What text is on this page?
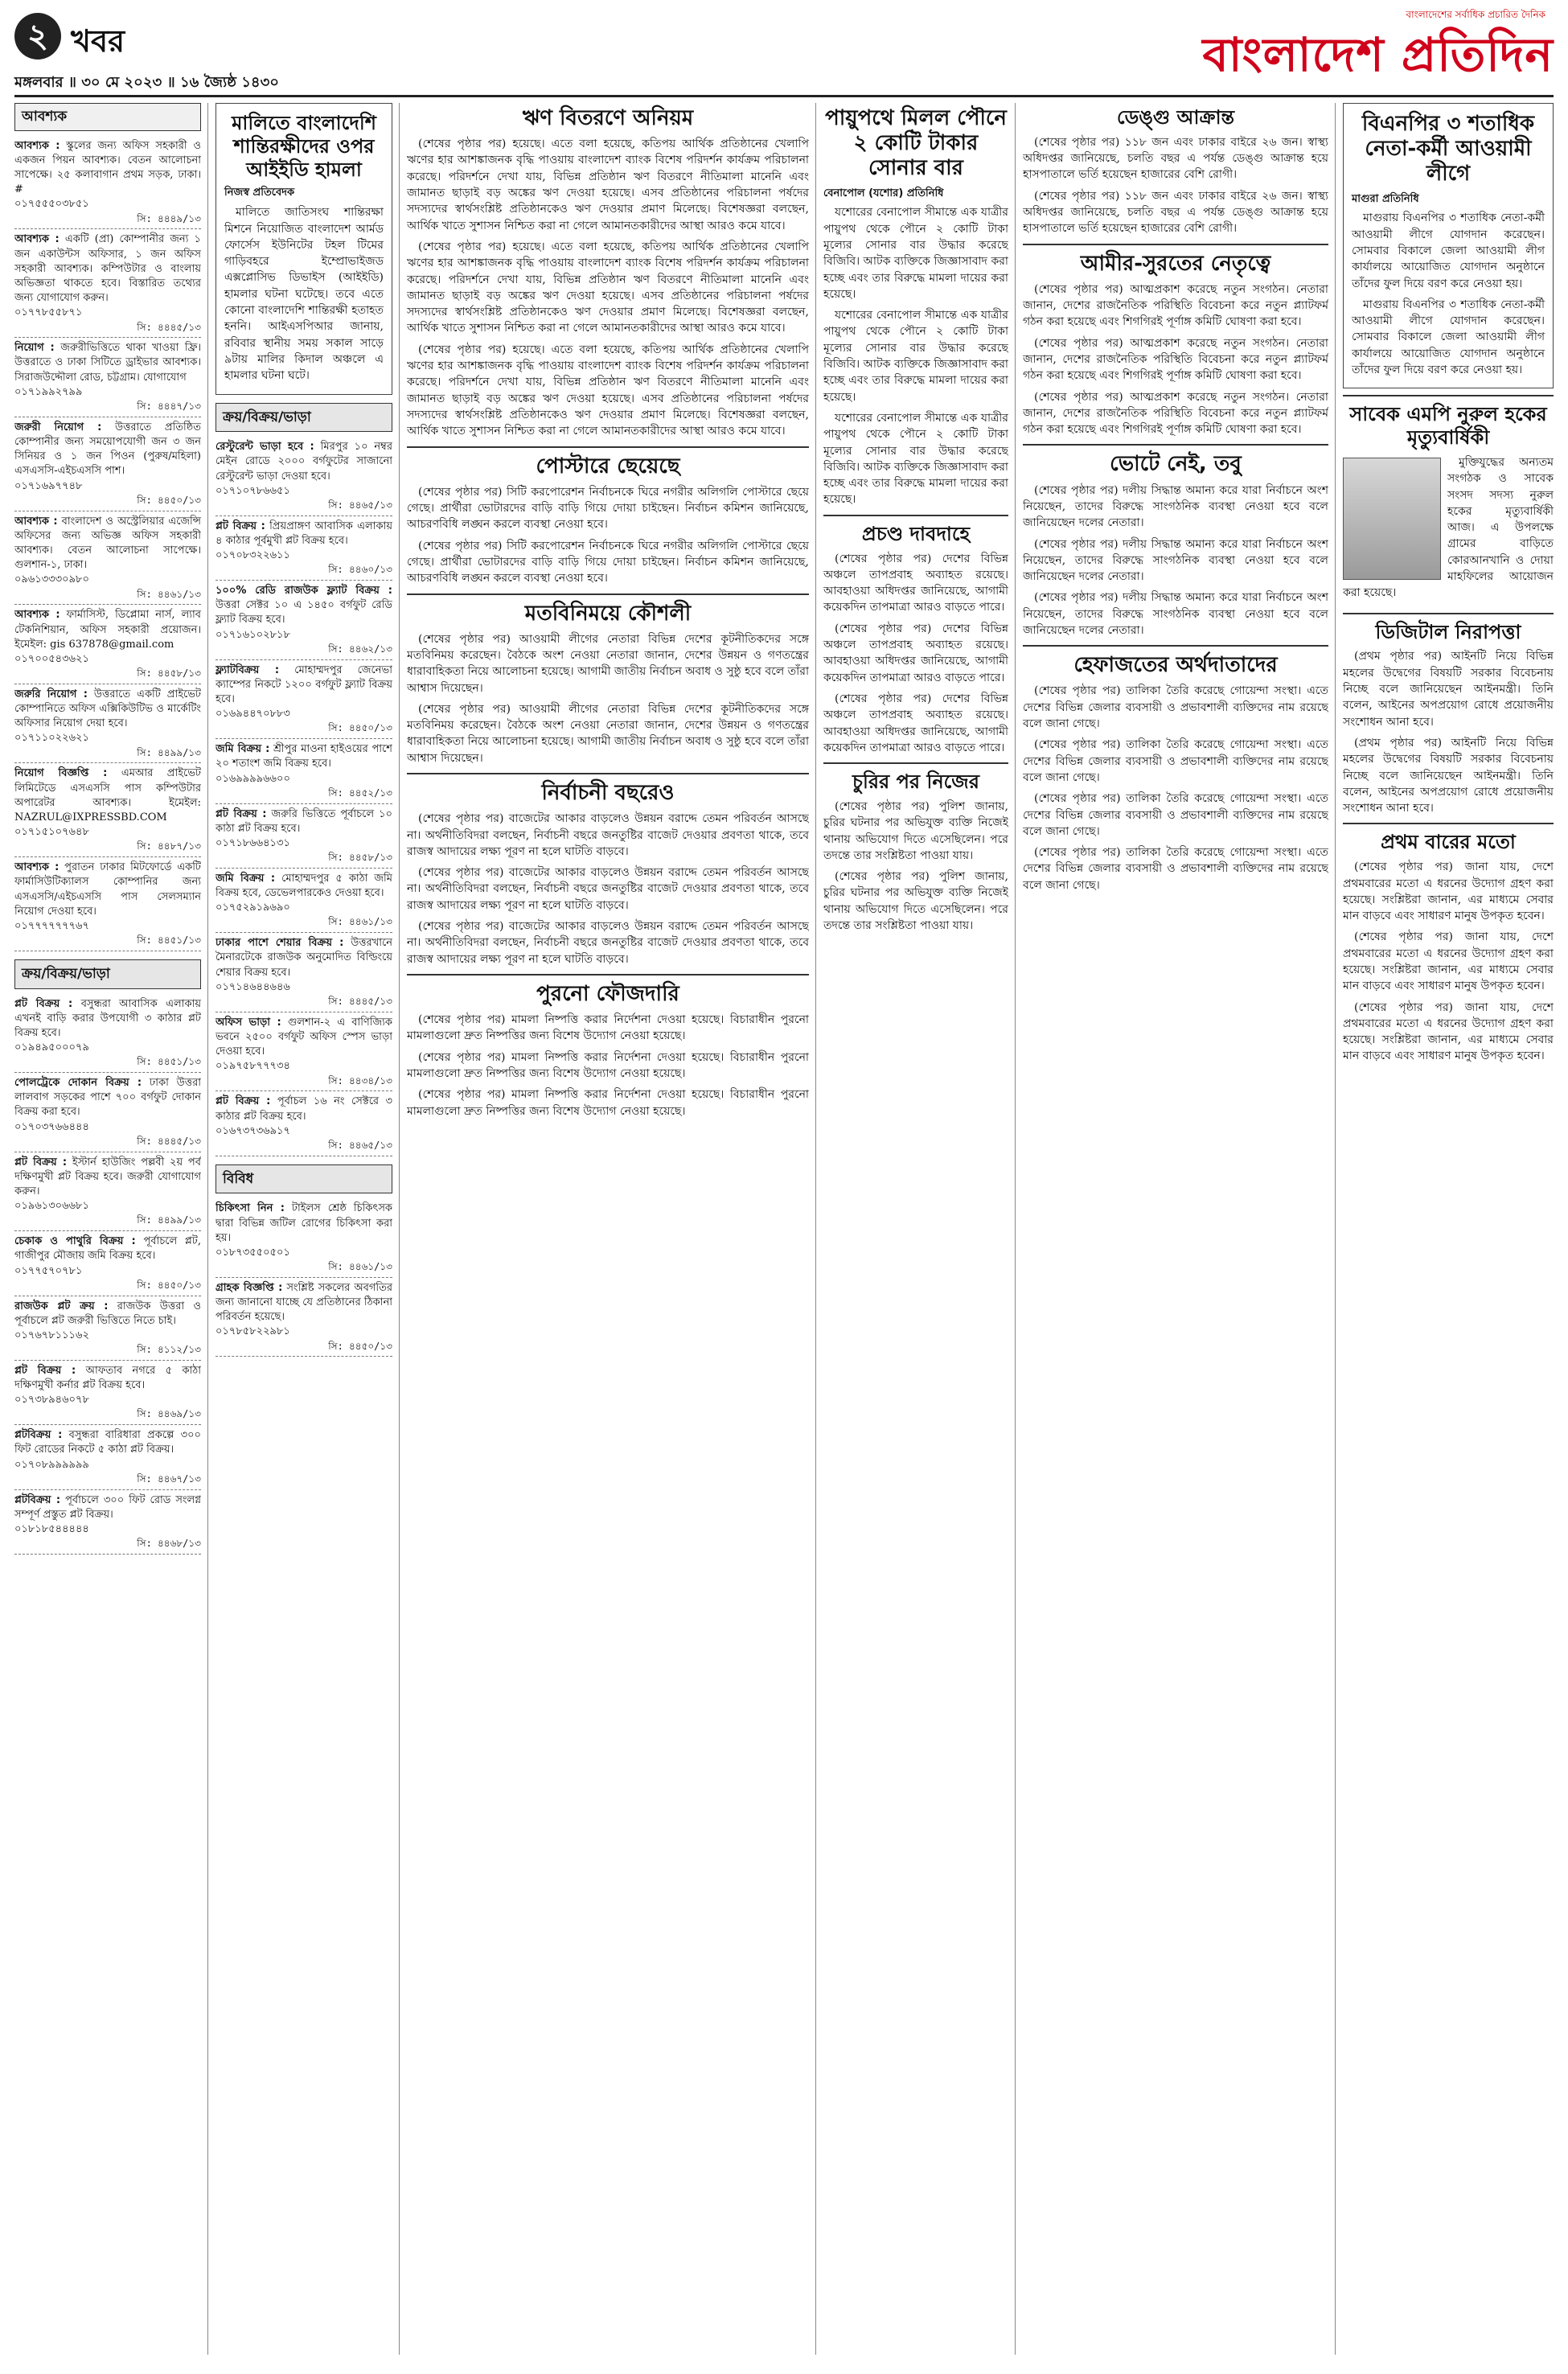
২ খবর
মঙ্গলবার ॥ ৩০ মে ২০২৩ ॥ ১৬ জ্যৈষ্ঠ ১৪৩০
বাংলাদেশের সর্বাধিক প্রচারিত দৈনিক
বাংলাদেশ প্রতিদিন
আবশ্যক
আবশ্যক : স্কুলের জন্য অফিস সহকারী ও একজন পিয়ন আবশ্যক। বেতন আলোচনা সাপেক্ষে। ২৫ কলাবাগান প্রথম সড়ক, ঢাকা। #
০১৭৫৫৫০৩৮৫১
সি: ৪৪৪৯/১৩
আবশ্যক : একটি (প্রা) কোম্পানীর জন্য ১ জন একাউন্টস অফিসার, ১ জন অফিস সহকারী আবশ্যক। কম্পিউটার ও বাংলায় অভিজ্ঞতা থাকতে হবে। বিস্তারিত তথ্যের জন্য যোগাযোগ করুন।
০১৭৭৮৫৫৮৭১
সি: ৪৪৪৫/১৩
নিয়োগ : জরুরীভিত্তিতে থাকা খাওয়া ফ্রি। উত্তরাতে ও ঢাকা সিটিতে ড্রাইভার আবশ্যক। সিরাজউদ্দৌলা রোড, চট্টগ্রাম। যোগাযোগ
০১৭১৯৯২৭৯৯
সি: ৪৪৪৭/১৩
জরুরী নিয়োগ : উত্তরাতে প্রতিষ্ঠিত কোম্পানীর জন্য সময়োপযোগী জন ৩ জন সিনিয়র ও ১ জন পিওন (পুরুষ/মহিলা) এসএসসি-এইচএসসি পাশ।
০১৭১৬৯৭৭৪৮
সি: ৪৪৫০/১৩
আবশ্যক : বাংলাদেশ ও অস্ট্রেলিয়ার এজেন্সি অফিসের জন্য অভিজ্ঞ অফিস সহকারী আবশ্যক। বেতন আলোচনা সাপেক্ষে। গুলশান-১, ঢাকা।
০৯৬১৩৩৩০৯৮০
সি: ৪৪৬১/১৩
আবশ্যক : ফার্মাসিস্ট, ডিপ্লোমা নার্স, ল্যাব টেকনিশিয়ান, অফিস সহকারী প্রয়োজন। ইমেইল: gis 637878@gmail.com
০১৭০০৫৪৩৬২১
সি: ৪৪৫৮/১৩
জরুরি নিয়োগ : উত্তরাতে একটি প্রাইভেট কোম্পানিতে অফিস এক্সিকিউটিভ ও মার্কেটিং অফিসার নিয়োগ দেয়া হবে।
০১৭১১০২২৬২১
সি: ৪৪৯৯/১৩
নিয়োগ বিজ্ঞপ্তি : এমআর প্রাইভেট লিমিটেডে এসএসসি পাস কম্পিউটার অপারেটর আবশ্যক। ইমেইল: NAZRUL@IXPRESSBD.COM
০১৭১৫১০৭৬৪৮
সি: ৪৪৮৭/১৩
আবশ্যক : পুরাতন ঢাকার মিটফোর্ডে একটি ফার্মাসিউটিক্যালস কোম্পানির জন্য এসএসসি/এইচএসসি পাস সেলসম্যান নিয়োগ দেওয়া হবে।
০১৭৭৭৭৭৭৭৬৭
সি: ৪৪৫১/১৩
ক্রয়/বিক্রয়/ভাড়া
প্লট বিক্রয় : বসুন্ধরা আবাসিক এলাকায় এখনই বাড়ি করার উপযোগী ৩ কাঠার প্লট বিক্রয় হবে।
০১৯৪৯৫০০০৭৯
সি: ৪৪৫১/১৩
পোলট্রেকে দোকান বিক্রয় : ঢাকা উত্তরা লালবাগ সড়কের পাশে ৭০০ বর্গফুট দোকান বিক্রয় করা হবে।
০১৭০৩৭৬৬৪৪৪
সি: ৪৪৪৫/১৩
প্লট বিক্রয় : ইস্টার্ন হাউজিং পল্লবী ২য় পর্ব দক্ষিণমুখী প্লট বিক্রয় হবে। জরুরী যোগাযোগ করুন।
০১৯৬১৩০৬৬৮১
সি: ৪৪৯৯/১৩
চেকাক ও পাথুরি বিক্রয় : পূর্বাচলে প্লট, গাজীপুর মৌজায় জমি বিক্রয় হবে।
০১৭৭৫৭০৭৮১
সি: ৪৪৫০/১৩
রাজউক প্লট ক্রয় : রাজউক উত্তরা ও পূর্বাচলে প্লট জরুরী ভিত্তিতে নিতে চাই।
০১৭৬৭৮১১১৬২
সি: ৪১১২/১৩
প্লট বিক্রয় : আফতাব নগরে ৫ কাঠা দক্ষিণমুখী কর্নার প্লট বিক্রয় হবে।
০১৭৩৮৯৪৬০৭৮
সি: ৪৪৬৯/১৩
প্লটবিক্রয় : বসুন্ধরা বারিধারা প্রকল্পে ৩০০ ফিট রোডের নিকটে ৫ কাঠা প্লট বিক্রয়।
০১৭০৮৯৯৯৯৯৯
সি: ৪৪৬৭/১৩
প্লটবিক্রয় : পূর্বাচলে ৩০০ ফিট রোড সংলগ্ন সম্পূর্ণ প্রস্তুত প্লট বিক্রয়।
০১৮১৮৫৪৪৪৪৪
সি: ৪৪৬৮/১৩
মালিতে বাংলাদেশি শান্তিরক্ষীদের ওপর আইইডি হামলা
নিজস্ব প্রতিবেদক

মালিতে জাতিসংঘ শান্তিরক্ষা মিশনে নিয়োজিত বাংলাদেশ আর্মড ফোর্সেস ইউনিটের টহল টিমের গাড়িবহরে ইম্প্রোভাইজড এক্সপ্লোসিভ ডিভাইস (আইইডি) হামলার ঘটনা ঘটেছে। তবে এতে কোনো বাংলাদেশি শান্তিরক্ষী হতাহত হননি। আইএসপিআর জানায়, রবিবার স্থানীয় সময় সকাল সাড়ে ৯টায় মালির কিদাল অঞ্চলে এ হামলার ঘটনা ঘটে।

ক্রয়/বিক্রয়/ভাড়া
রেস্টুরেন্ট ভাড়া হবে : মিরপুর ১০ নম্বর মেইন রোডে ২০০০ বর্গফুটের সাজানো রেস্টুরেন্ট ভাড়া দেওয়া হবে।
০১৭১০৭৮৬৬৫১
সি: ৪৪৬৫/১৩
প্লট বিক্রয় : প্রিয়প্রাঙ্গণ আবাসিক এলাকায় ৪ কাঠার পূর্বমুখী প্লট বিক্রয় হবে।
০১৭০৮৩২২৬১১
সি: ৪৪৬০/১৩
১০০% রেডি রাজউক ফ্ল্যাট বিক্রয় : উত্তরা সেক্টর ১০ এ ১৪৫০ বর্গফুট রেডি ফ্ল্যাট বিক্রয় হবে।
০১৭১৬১০২৮১৮
সি: ৪৪৬২/১৩
ফ্ল্যাটবিক্রয় : মোহাম্মদপুর জেনেভা ক্যাম্পের নিকটে ১২০০ বর্গফুট ফ্ল্যাট বিক্রয় হবে।
০১৬৯৪৪৭০৮৮৩
সি: ৪৪৫০/১৩
জমি বিক্রয় : শ্রীপুর মাওনা হাইওয়ের পাশে ২০ শতাংশ জমি বিক্রয় হবে।
০১৬৯৯৯৯৬৬০০
সি: ৪৪৫২/১৩
প্লট বিক্রয় : জরুরি ভিত্তিতে পূর্বাচলে ১০ কাঠা প্লট বিক্রয় হবে।
০১৭১৮৬৬৪১৩১
সি: ৪৪৫৮/১৩
জমি বিক্রয় : মোহাম্মদপুর ৫ কাঠা জমি বিক্রয় হবে, ডেভেলপারকেও দেওয়া হবে।
০১৭৫২৯১৯৬৯০
সি: ৪৪৬১/১৩
ঢাকার পাশে শেয়ার বিক্রয় : উত্তরখানে মৈনারটেকে রাজউক অনুমোদিত বিল্ডিংয়ে শেয়ার বিক্রয় হবে।
০১৭১৪৬৪৪৬৪৬
সি: ৪৪৪৫/১৩
অফিস ভাড়া : গুলশান-২ এ বাণিজ্যিক ভবনে ২৫০০ বর্গফুট অফিস স্পেস ভাড়া দেওয়া হবে।
০১৯৭৫৮৭৭৭৩৪
সি: ৪৪৩৪/১৩
প্লট বিক্রয় : পূর্বাচল ১৬ নং সেক্টরে ৩ কাঠার প্লট বিক্রয় হবে।
০১৬৭৩৭৩৬৯১৭
সি: ৪৪৬৫/১৩
বিবিধ
চিকিৎসা নিন : টাইলস শ্রেষ্ঠ চিকিৎসক দ্বারা বিভিন্ন জটিল রোগের চিকিৎসা করা হয়।
০১৮৭৩৫৫০৫০১
সি: ৪৪৬১/১৩
গ্রাহক বিজ্ঞপ্তি : সংশ্লিষ্ট সকলের অবগতির জন্য জানানো যাচ্ছে যে প্রতিষ্ঠানের ঠিকানা পরিবর্তন হয়েছে।
০১৭৮৫৮২২৯৮১
সি: ৪৪৫০/১৩
ঋণ বিতরণে অনিয়ম

(শেষের পৃষ্ঠার পর) হয়েছে। এতে বলা হয়েছে, কতিপয় আর্থিক প্রতিষ্ঠানের খেলাপি ঋণের হার আশঙ্কাজনক বৃদ্ধি পাওয়ায় বাংলাদেশ ব্যাংক বিশেষ পরিদর্শন কার্যক্রম পরিচালনা করেছে। পরিদর্শনে দেখা যায়, বিভিন্ন প্রতিষ্ঠান ঋণ বিতরণে নীতিমালা মানেনি এবং জামানত ছাড়াই বড় অঙ্কের ঋণ দেওয়া হয়েছে। এসব প্রতিষ্ঠানের পরিচালনা পর্ষদের সদস্যদের স্বার্থসংশ্লিষ্ট প্রতিষ্ঠানকেও ঋণ দেওয়ার প্রমাণ মিলেছে। বিশেষজ্ঞরা বলছেন, আর্থিক খাতে সুশাসন নিশ্চিত করা না গেলে আমানতকারীদের আস্থা আরও কমে যাবে।

(শেষের পৃষ্ঠার পর) হয়েছে। এতে বলা হয়েছে, কতিপয় আর্থিক প্রতিষ্ঠানের খেলাপি ঋণের হার আশঙ্কাজনক বৃদ্ধি পাওয়ায় বাংলাদেশ ব্যাংক বিশেষ পরিদর্শন কার্যক্রম পরিচালনা করেছে। পরিদর্শনে দেখা যায়, বিভিন্ন প্রতিষ্ঠান ঋণ বিতরণে নীতিমালা মানেনি এবং জামানত ছাড়াই বড় অঙ্কের ঋণ দেওয়া হয়েছে। এসব প্রতিষ্ঠানের পরিচালনা পর্ষদের সদস্যদের স্বার্থসংশ্লিষ্ট প্রতিষ্ঠানকেও ঋণ দেওয়ার প্রমাণ মিলেছে। বিশেষজ্ঞরা বলছেন, আর্থিক খাতে সুশাসন নিশ্চিত করা না গেলে আমানতকারীদের আস্থা আরও কমে যাবে।

(শেষের পৃষ্ঠার পর) হয়েছে। এতে বলা হয়েছে, কতিপয় আর্থিক প্রতিষ্ঠানের খেলাপি ঋণের হার আশঙ্কাজনক বৃদ্ধি পাওয়ায় বাংলাদেশ ব্যাংক বিশেষ পরিদর্শন কার্যক্রম পরিচালনা করেছে। পরিদর্শনে দেখা যায়, বিভিন্ন প্রতিষ্ঠান ঋণ বিতরণে নীতিমালা মানেনি এবং জামানত ছাড়াই বড় অঙ্কের ঋণ দেওয়া হয়েছে। এসব প্রতিষ্ঠানের পরিচালনা পর্ষদের সদস্যদের স্বার্থসংশ্লিষ্ট প্রতিষ্ঠানকেও ঋণ দেওয়ার প্রমাণ মিলেছে। বিশেষজ্ঞরা বলছেন, আর্থিক খাতে সুশাসন নিশ্চিত করা না গেলে আমানতকারীদের আস্থা আরও কমে যাবে।

পোস্টারে ছেয়েছে

(শেষের পৃষ্ঠার পর) সিটি করপোরেশন নির্বাচনকে ঘিরে নগরীর অলিগলি পোস্টারে ছেয়ে গেছে। প্রার্থীরা ভোটারদের বাড়ি বাড়ি গিয়ে দোয়া চাইছেন। নির্বাচন কমিশন জানিয়েছে, আচরণবিধি লঙ্ঘন করলে ব্যবস্থা নেওয়া হবে।

(শেষের পৃষ্ঠার পর) সিটি করপোরেশন নির্বাচনকে ঘিরে নগরীর অলিগলি পোস্টারে ছেয়ে গেছে। প্রার্থীরা ভোটারদের বাড়ি বাড়ি গিয়ে দোয়া চাইছেন। নির্বাচন কমিশন জানিয়েছে, আচরণবিধি লঙ্ঘন করলে ব্যবস্থা নেওয়া হবে।

মতবিনিময়ে কৌশলী

(শেষের পৃষ্ঠার পর) আওয়ামী লীগের নেতারা বিভিন্ন দেশের কূটনীতিকদের সঙ্গে মতবিনিময় করেছেন। বৈঠকে অংশ নেওয়া নেতারা জানান, দেশের উন্নয়ন ও গণতন্ত্রের ধারাবাহিকতা নিয়ে আলোচনা হয়েছে। আগামী জাতীয় নির্বাচন অবাধ ও সুষ্ঠু হবে বলে তাঁরা আশ্বাস দিয়েছেন।

(শেষের পৃষ্ঠার পর) আওয়ামী লীগের নেতারা বিভিন্ন দেশের কূটনীতিকদের সঙ্গে মতবিনিময় করেছেন। বৈঠকে অংশ নেওয়া নেতারা জানান, দেশের উন্নয়ন ও গণতন্ত্রের ধারাবাহিকতা নিয়ে আলোচনা হয়েছে। আগামী জাতীয় নির্বাচন অবাধ ও সুষ্ঠু হবে বলে তাঁরা আশ্বাস দিয়েছেন।

নির্বাচনী বছরেও

(শেষের পৃষ্ঠার পর) বাজেটের আকার বাড়লেও উন্নয়ন বরাদ্দে তেমন পরিবর্তন আসছে না। অর্থনীতিবিদরা বলছেন, নির্বাচনী বছরে জনতুষ্টির বাজেট দেওয়ার প্রবণতা থাকে, তবে রাজস্ব আদায়ের লক্ষ্য পূরণ না হলে ঘাটতি বাড়বে।

(শেষের পৃষ্ঠার পর) বাজেটের আকার বাড়লেও উন্নয়ন বরাদ্দে তেমন পরিবর্তন আসছে না। অর্থনীতিবিদরা বলছেন, নির্বাচনী বছরে জনতুষ্টির বাজেট দেওয়ার প্রবণতা থাকে, তবে রাজস্ব আদায়ের লক্ষ্য পূরণ না হলে ঘাটতি বাড়বে।

(শেষের পৃষ্ঠার পর) বাজেটের আকার বাড়লেও উন্নয়ন বরাদ্দে তেমন পরিবর্তন আসছে না। অর্থনীতিবিদরা বলছেন, নির্বাচনী বছরে জনতুষ্টির বাজেট দেওয়ার প্রবণতা থাকে, তবে রাজস্ব আদায়ের লক্ষ্য পূরণ না হলে ঘাটতি বাড়বে।

পুরনো ফৌজদারি

(শেষের পৃষ্ঠার পর) মামলা নিষ্পত্তি করার নির্দেশনা দেওয়া হয়েছে। বিচারাধীন পুরনো মামলাগুলো দ্রুত নিষ্পত্তির জন্য বিশেষ উদ্যোগ নেওয়া হয়েছে।

(শেষের পৃষ্ঠার পর) মামলা নিষ্পত্তি করার নির্দেশনা দেওয়া হয়েছে। বিচারাধীন পুরনো মামলাগুলো দ্রুত নিষ্পত্তির জন্য বিশেষ উদ্যোগ নেওয়া হয়েছে।

(শেষের পৃষ্ঠার পর) মামলা নিষ্পত্তি করার নির্দেশনা দেওয়া হয়েছে। বিচারাধীন পুরনো মামলাগুলো দ্রুত নিষ্পত্তির জন্য বিশেষ উদ্যোগ নেওয়া হয়েছে।

পায়ুপথে মিলল পৌনে ২ কোটি টাকার সোনার বার
বেনাপোল (যশোর) প্রতিনিধি

যশোরের বেনাপোল সীমান্তে এক যাত্রীর পায়ুপথ থেকে পৌনে ২ কোটি টাকা মূল্যের সোনার বার উদ্ধার করেছে বিজিবি। আটক ব্যক্তিকে জিজ্ঞাসাবাদ করা হচ্ছে এবং তার বিরুদ্ধে মামলা দায়ের করা হয়েছে।

যশোরের বেনাপোল সীমান্তে এক যাত্রীর পায়ুপথ থেকে পৌনে ২ কোটি টাকা মূল্যের সোনার বার উদ্ধার করেছে বিজিবি। আটক ব্যক্তিকে জিজ্ঞাসাবাদ করা হচ্ছে এবং তার বিরুদ্ধে মামলা দায়ের করা হয়েছে।

যশোরের বেনাপোল সীমান্তে এক যাত্রীর পায়ুপথ থেকে পৌনে ২ কোটি টাকা মূল্যের সোনার বার উদ্ধার করেছে বিজিবি। আটক ব্যক্তিকে জিজ্ঞাসাবাদ করা হচ্ছে এবং তার বিরুদ্ধে মামলা দায়ের করা হয়েছে।

প্রচণ্ড দাবদাহে

(শেষের পৃষ্ঠার পর) দেশের বিভিন্ন অঞ্চলে তাপপ্রবাহ অব্যাহত রয়েছে। আবহাওয়া অধিদপ্তর জানিয়েছে, আগামী কয়েকদিন তাপমাত্রা আরও বাড়তে পারে।

(শেষের পৃষ্ঠার পর) দেশের বিভিন্ন অঞ্চলে তাপপ্রবাহ অব্যাহত রয়েছে। আবহাওয়া অধিদপ্তর জানিয়েছে, আগামী কয়েকদিন তাপমাত্রা আরও বাড়তে পারে।

(শেষের পৃষ্ঠার পর) দেশের বিভিন্ন অঞ্চলে তাপপ্রবাহ অব্যাহত রয়েছে। আবহাওয়া অধিদপ্তর জানিয়েছে, আগামী কয়েকদিন তাপমাত্রা আরও বাড়তে পারে।

চুরির পর নিজের

(শেষের পৃষ্ঠার পর) পুলিশ জানায়, চুরির ঘটনার পর অভিযুক্ত ব্যক্তি নিজেই থানায় অভিযোগ দিতে এসেছিলেন। পরে তদন্তে তার সংশ্লিষ্টতা পাওয়া যায়।

(শেষের পৃষ্ঠার পর) পুলিশ জানায়, চুরির ঘটনার পর অভিযুক্ত ব্যক্তি নিজেই থানায় অভিযোগ দিতে এসেছিলেন। পরে তদন্তে তার সংশ্লিষ্টতা পাওয়া যায়।

ডেঙ্গু আক্রান্ত

(শেষের পৃষ্ঠার পর) ১১৮ জন এবং ঢাকার বাইরে ২৬ জন। স্বাস্থ্য অধিদপ্তর জানিয়েছে, চলতি বছর এ পর্যন্ত ডেঙ্গু আক্রান্ত হয়ে হাসপাতালে ভর্তি হয়েছেন হাজারের বেশি রোগী।

(শেষের পৃষ্ঠার পর) ১১৮ জন এবং ঢাকার বাইরে ২৬ জন। স্বাস্থ্য অধিদপ্তর জানিয়েছে, চলতি বছর এ পর্যন্ত ডেঙ্গু আক্রান্ত হয়ে হাসপাতালে ভর্তি হয়েছেন হাজারের বেশি রোগী।

আমীর-সুরতের নেতৃত্বে

(শেষের পৃষ্ঠার পর) আত্মপ্রকাশ করেছে নতুন সংগঠন। নেতারা জানান, দেশের রাজনৈতিক পরিস্থিতি বিবেচনা করে নতুন প্ল্যাটফর্ম গঠন করা হয়েছে এবং শিগগিরই পূর্ণাঙ্গ কমিটি ঘোষণা করা হবে।

(শেষের পৃষ্ঠার পর) আত্মপ্রকাশ করেছে নতুন সংগঠন। নেতারা জানান, দেশের রাজনৈতিক পরিস্থিতি বিবেচনা করে নতুন প্ল্যাটফর্ম গঠন করা হয়েছে এবং শিগগিরই পূর্ণাঙ্গ কমিটি ঘোষণা করা হবে।

(শেষের পৃষ্ঠার পর) আত্মপ্রকাশ করেছে নতুন সংগঠন। নেতারা জানান, দেশের রাজনৈতিক পরিস্থিতি বিবেচনা করে নতুন প্ল্যাটফর্ম গঠন করা হয়েছে এবং শিগগিরই পূর্ণাঙ্গ কমিটি ঘোষণা করা হবে।

ভোটে নেই, তবু

(শেষের পৃষ্ঠার পর) দলীয় সিদ্ধান্ত অমান্য করে যারা নির্বাচনে অংশ নিয়েছেন, তাদের বিরুদ্ধে সাংগঠনিক ব্যবস্থা নেওয়া হবে বলে জানিয়েছেন দলের নেতারা।

(শেষের পৃষ্ঠার পর) দলীয় সিদ্ধান্ত অমান্য করে যারা নির্বাচনে অংশ নিয়েছেন, তাদের বিরুদ্ধে সাংগঠনিক ব্যবস্থা নেওয়া হবে বলে জানিয়েছেন দলের নেতারা।

(শেষের পৃষ্ঠার পর) দলীয় সিদ্ধান্ত অমান্য করে যারা নির্বাচনে অংশ নিয়েছেন, তাদের বিরুদ্ধে সাংগঠনিক ব্যবস্থা নেওয়া হবে বলে জানিয়েছেন দলের নেতারা।

হেফাজতের অর্থদাতাদের

(শেষের পৃষ্ঠার পর) তালিকা তৈরি করেছে গোয়েন্দা সংস্থা। এতে দেশের বিভিন্ন জেলার ব্যবসায়ী ও প্রভাবশালী ব্যক্তিদের নাম রয়েছে বলে জানা গেছে।

(শেষের পৃষ্ঠার পর) তালিকা তৈরি করেছে গোয়েন্দা সংস্থা। এতে দেশের বিভিন্ন জেলার ব্যবসায়ী ও প্রভাবশালী ব্যক্তিদের নাম রয়েছে বলে জানা গেছে।

(শেষের পৃষ্ঠার পর) তালিকা তৈরি করেছে গোয়েন্দা সংস্থা। এতে দেশের বিভিন্ন জেলার ব্যবসায়ী ও প্রভাবশালী ব্যক্তিদের নাম রয়েছে বলে জানা গেছে।

(শেষের পৃষ্ঠার পর) তালিকা তৈরি করেছে গোয়েন্দা সংস্থা। এতে দেশের বিভিন্ন জেলার ব্যবসায়ী ও প্রভাবশালী ব্যক্তিদের নাম রয়েছে বলে জানা গেছে।

বিএনপির ৩ শতাধিক নেতা-কর্মী আওয়ামী লীগে
মাগুরা প্রতিনিধি

মাগুরায় বিএনপির ৩ শতাধিক নেতা-কর্মী আওয়ামী লীগে যোগদান করেছেন। সোমবার বিকালে জেলা আওয়ামী লীগ কার্যালয়ে আয়োজিত যোগদান অনুষ্ঠানে তাঁদের ফুল দিয়ে বরণ করে নেওয়া হয়।

মাগুরায় বিএনপির ৩ শতাধিক নেতা-কর্মী আওয়ামী লীগে যোগদান করেছেন। সোমবার বিকালে জেলা আওয়ামী লীগ কার্যালয়ে আয়োজিত যোগদান অনুষ্ঠানে তাঁদের ফুল দিয়ে বরণ করে নেওয়া হয়।

সাবেক এমপি নুরুল হকের মৃত্যুবার্ষিকী

মুক্তিযুদ্ধের অন্যতম সংগঠক ও সাবেক সংসদ সদস্য নুরুল হকের মৃত্যুবার্ষিকী আজ। এ উপলক্ষে গ্রামের বাড়িতে কোরআনখানি ও দোয়া মাহফিলের আয়োজন করা হয়েছে।

ডিজিটাল নিরাপত্তা

(প্রথম পৃষ্ঠার পর) আইনটি নিয়ে বিভিন্ন মহলের উদ্বেগের বিষয়টি সরকার বিবেচনায় নিচ্ছে বলে জানিয়েছেন আইনমন্ত্রী। তিনি বলেন, আইনের অপপ্রয়োগ রোধে প্রয়োজনীয় সংশোধন আনা হবে।

(প্রথম পৃষ্ঠার পর) আইনটি নিয়ে বিভিন্ন মহলের উদ্বেগের বিষয়টি সরকার বিবেচনায় নিচ্ছে বলে জানিয়েছেন আইনমন্ত্রী। তিনি বলেন, আইনের অপপ্রয়োগ রোধে প্রয়োজনীয় সংশোধন আনা হবে।

প্রথম বারের মতো

(শেষের পৃষ্ঠার পর) জানা যায়, দেশে প্রথমবারের মতো এ ধরনের উদ্যোগ গ্রহণ করা হয়েছে। সংশ্লিষ্টরা জানান, এর মাধ্যমে সেবার মান বাড়বে এবং সাধারণ মানুষ উপকৃত হবেন।

(শেষের পৃষ্ঠার পর) জানা যায়, দেশে প্রথমবারের মতো এ ধরনের উদ্যোগ গ্রহণ করা হয়েছে। সংশ্লিষ্টরা জানান, এর মাধ্যমে সেবার মান বাড়বে এবং সাধারণ মানুষ উপকৃত হবেন।

(শেষের পৃষ্ঠার পর) জানা যায়, দেশে প্রথমবারের মতো এ ধরনের উদ্যোগ গ্রহণ করা হয়েছে। সংশ্লিষ্টরা জানান, এর মাধ্যমে সেবার মান বাড়বে এবং সাধারণ মানুষ উপকৃত হবেন।
